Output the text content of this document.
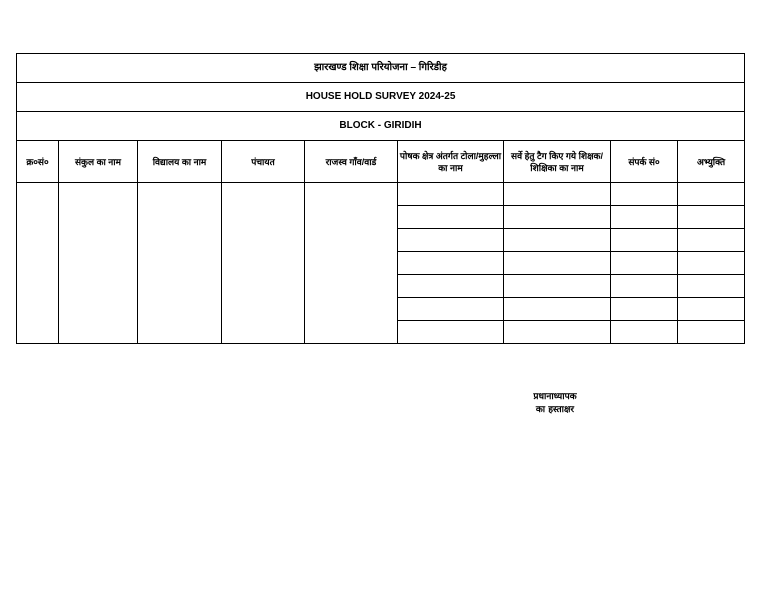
झारखण्ड शिक्षा परियोजना – गिरिडीह								
HOUSE HOLD SURVEY 2024-25								
BLOCK - GIRIDIH								
क्र०सं०	संकुल का नाम	विद्यालय का नाम	पंचायत	राजस्व गाँव/वार्ड	पोषक क्षेत्र अंतर्गत टोला/मुहल्ला का नाम	सर्वे हेतु टैग किए गये शिक्षक/शिक्षिका का नाम	संपर्क सं०	अभ्युक्ति

प्रधानाध्यापक
का हस्ताक्षर
